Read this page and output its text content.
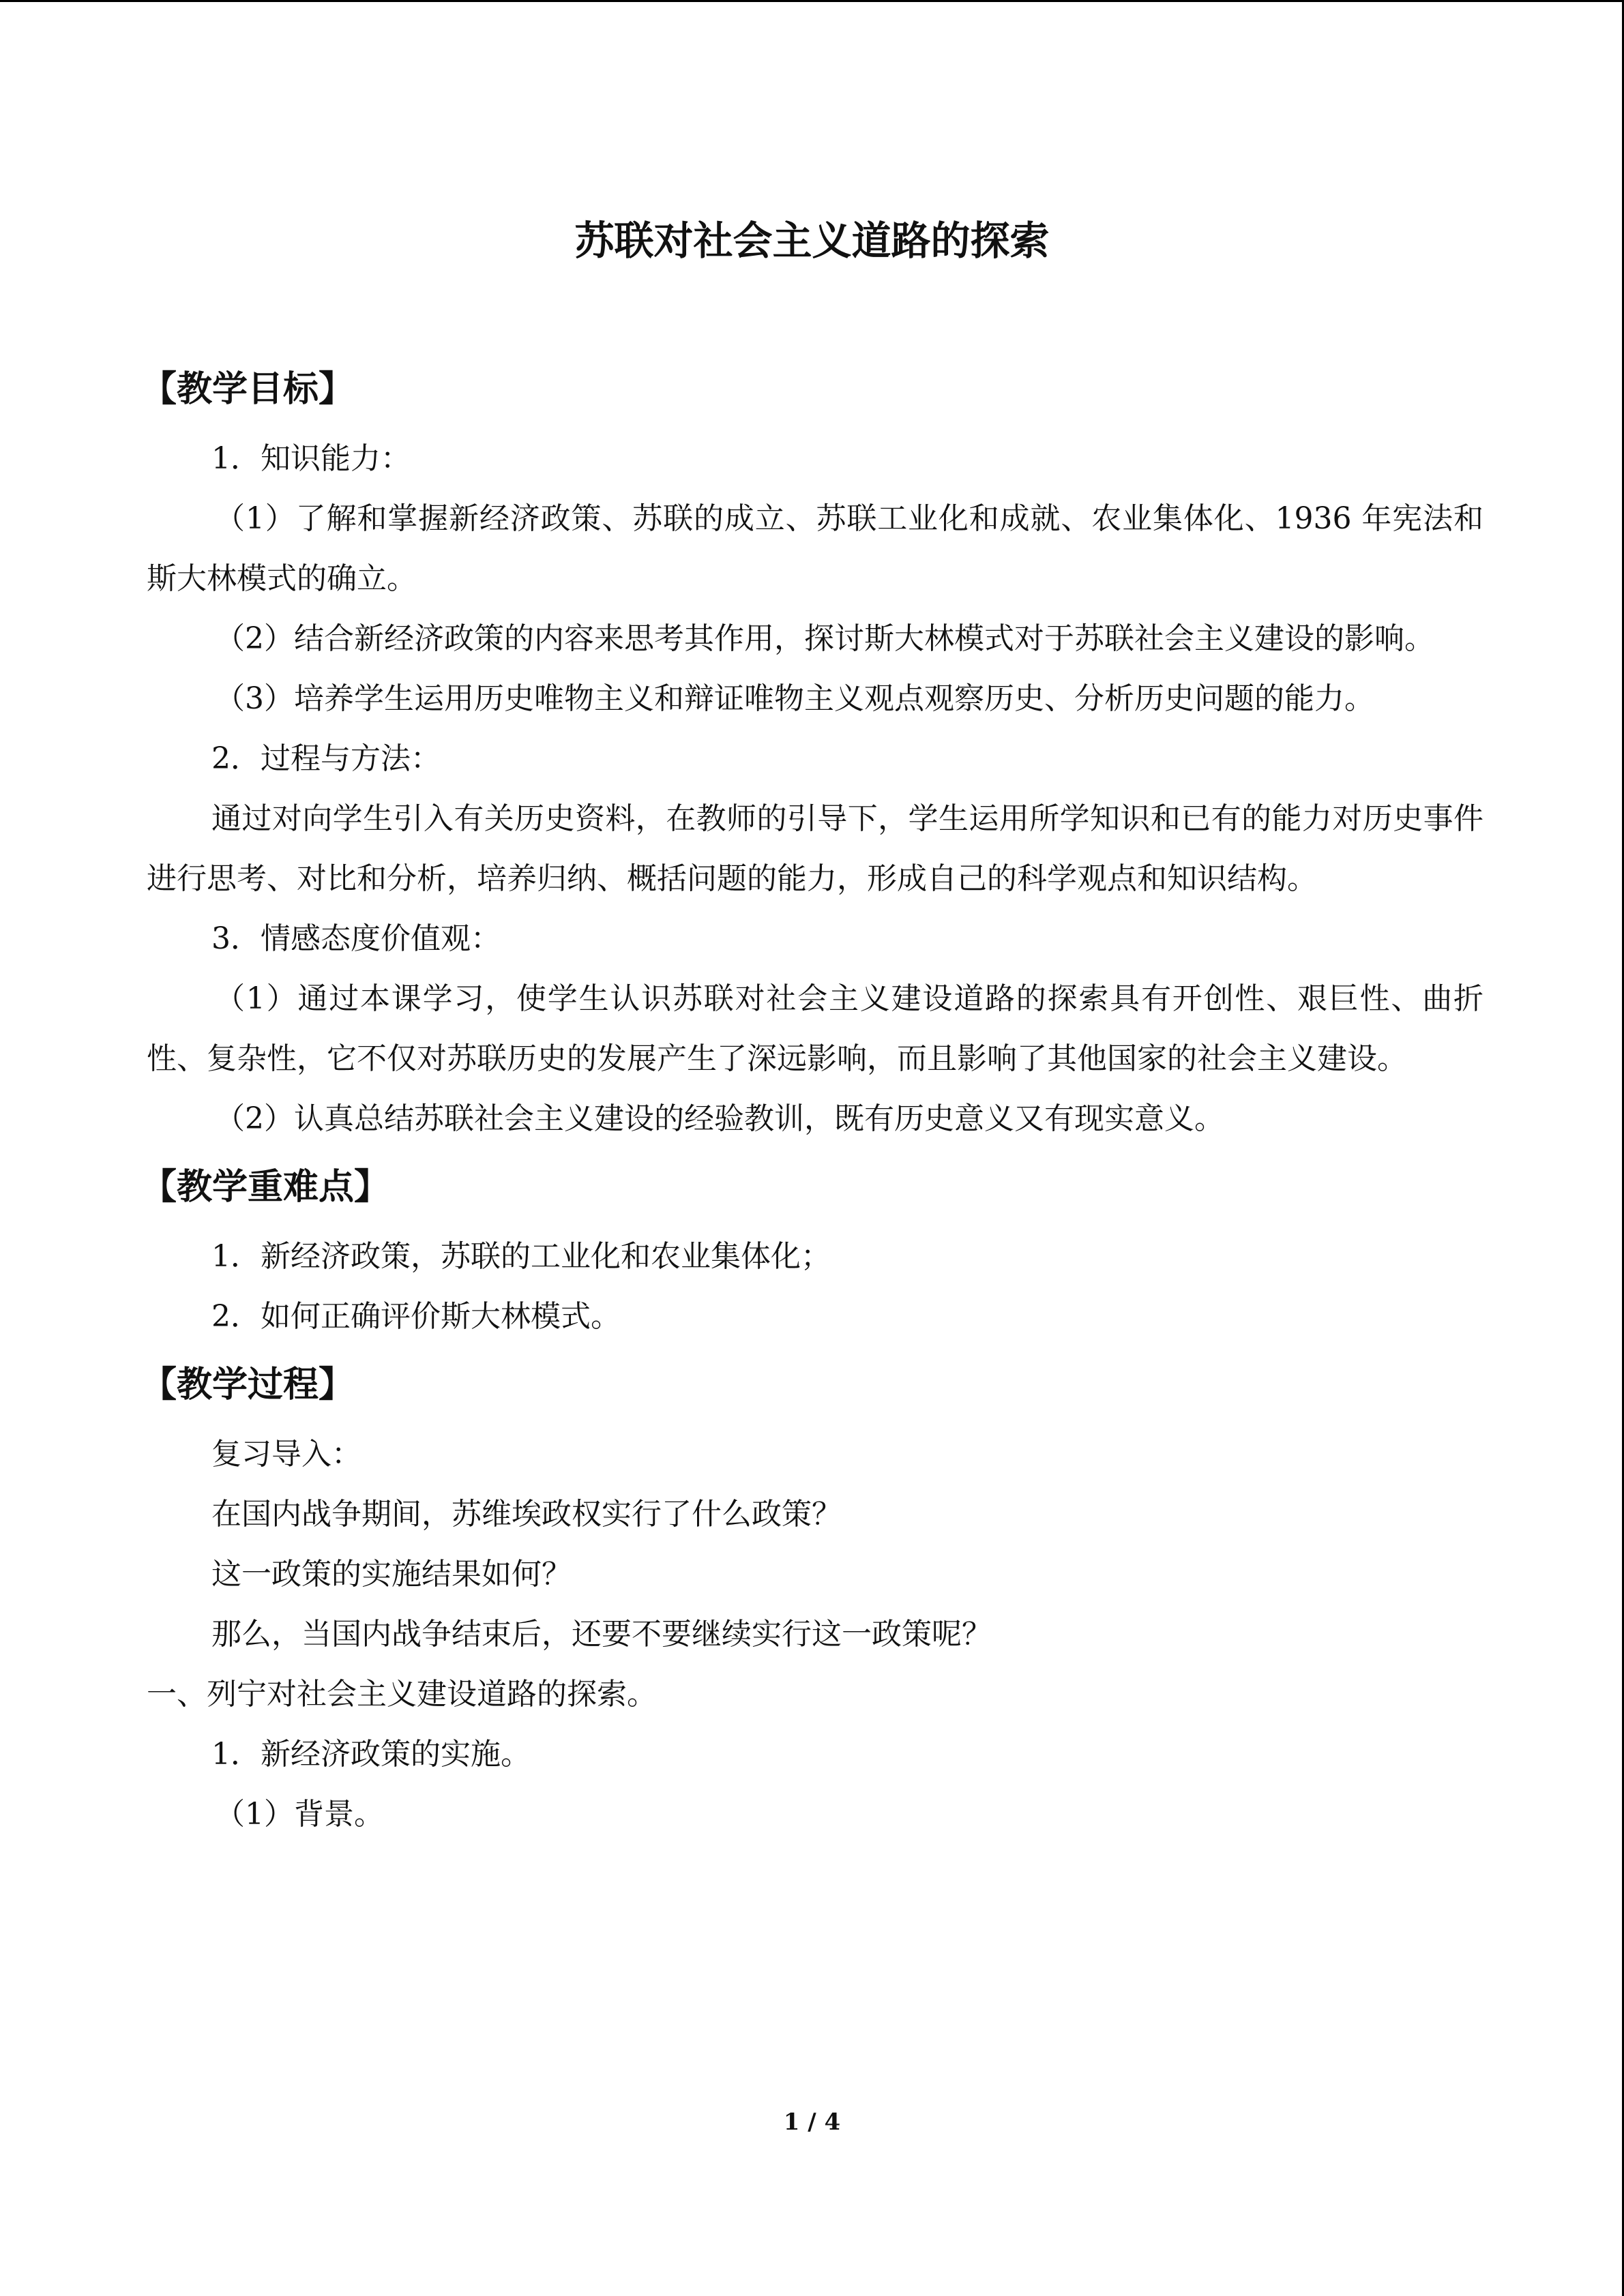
苏联对社会主义道路的探索
【教学目标】

1．知识能力：

（1）了解和掌握新经济政策、苏联的成立、苏联工业化和成就、农业集体化、1936 年宪法和斯大林模式的确立。

（2）结合新经济政策的内容来思考其作用，探讨斯大林模式对于苏联社会主义建设的影响。

（3）培养学生运用历史唯物主义和辩证唯物主义观点观察历史、分析历史问题的能力。

2．过程与方法：

通过对向学生引入有关历史资料，在教师的引导下，学生运用所学知识和已有的能力对历史事件进行思考、对比和分析，培养归纳、概括问题的能力，形成自己的科学观点和知识结构。

3．情感态度价值观：

（1）通过本课学习，使学生认识苏联对社会主义建设道路的探索具有开创性、艰巨性、曲折性、复杂性，它不仅对苏联历史的发展产生了深远影响，而且影响了其他国家的社会主义建设。

（2）认真总结苏联社会主义建设的经验教训，既有历史意义又有现实意义。

【教学重难点】

1．新经济政策，苏联的工业化和农业集体化；

2．如何正确评价斯大林模式。

【教学过程】

复习导入：

在国内战争期间，苏维埃政权实行了什么政策？

这一政策的实施结果如何？

那么，当国内战争结束后，还要不要继续实行这一政策呢？

一、列宁对社会主义建设道路的探索。

1．新经济政策的实施。

（1）背景。

1 / 4
